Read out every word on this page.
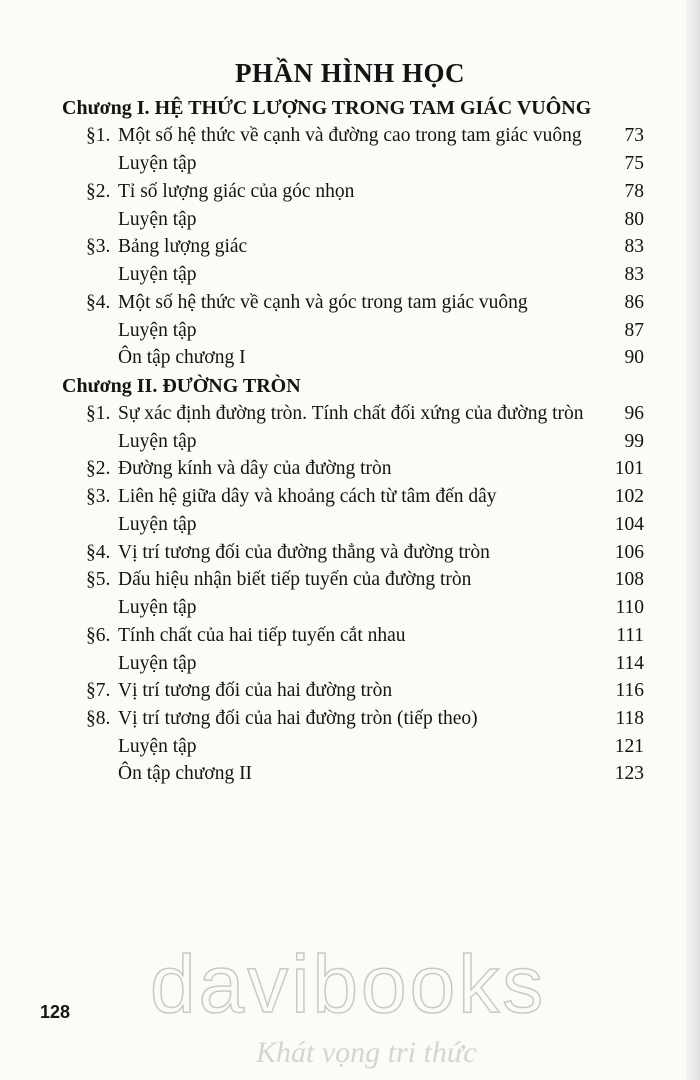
PHẦN HÌNH HỌC
Chương I. HỆ THỨC LƯỢNG TRONG TAM GIÁC VUÔNG
§1. Một số hệ thức về cạnh và đường cao trong tam giác vuông 73
Luyện tập	75
§2. Tỉ số lượng giác của góc nhọn	78
Luyện tập	80
§3. Bảng lượng giác	83
Luyện tập	83
§4. Một số hệ thức về cạnh và góc trong tam giác vuông	86
Luyện tập	87
Ôn tập chương I	90
Chương II. ĐƯỜNG TRÒN
§1. Sự xác định đường tròn. Tính chất đối xứng của đường tròn 96
Luyện tập	99
§2. Đường kính và dây của đường tròn	101
§3. Liên hệ giữa dây và khoảng cách từ tâm đến dây	102
Luyện tập	104
§4. Vị trí tương đối của đường thẳng và đường tròn	106
§5. Dấu hiệu nhận biết tiếp tuyến của đường tròn	108
Luyện tập	110
§6. Tính chất của hai tiếp tuyến cắt nhau	111
Luyện tập	114
§7. Vị trí tương đối của hai đường tròn	116
§8. Vị trí tương đối của hai đường tròn (tiếp theo)	118
Luyện tập	121
Ôn tập chương II	123
davibooks
Khát vọng tri thức
128
